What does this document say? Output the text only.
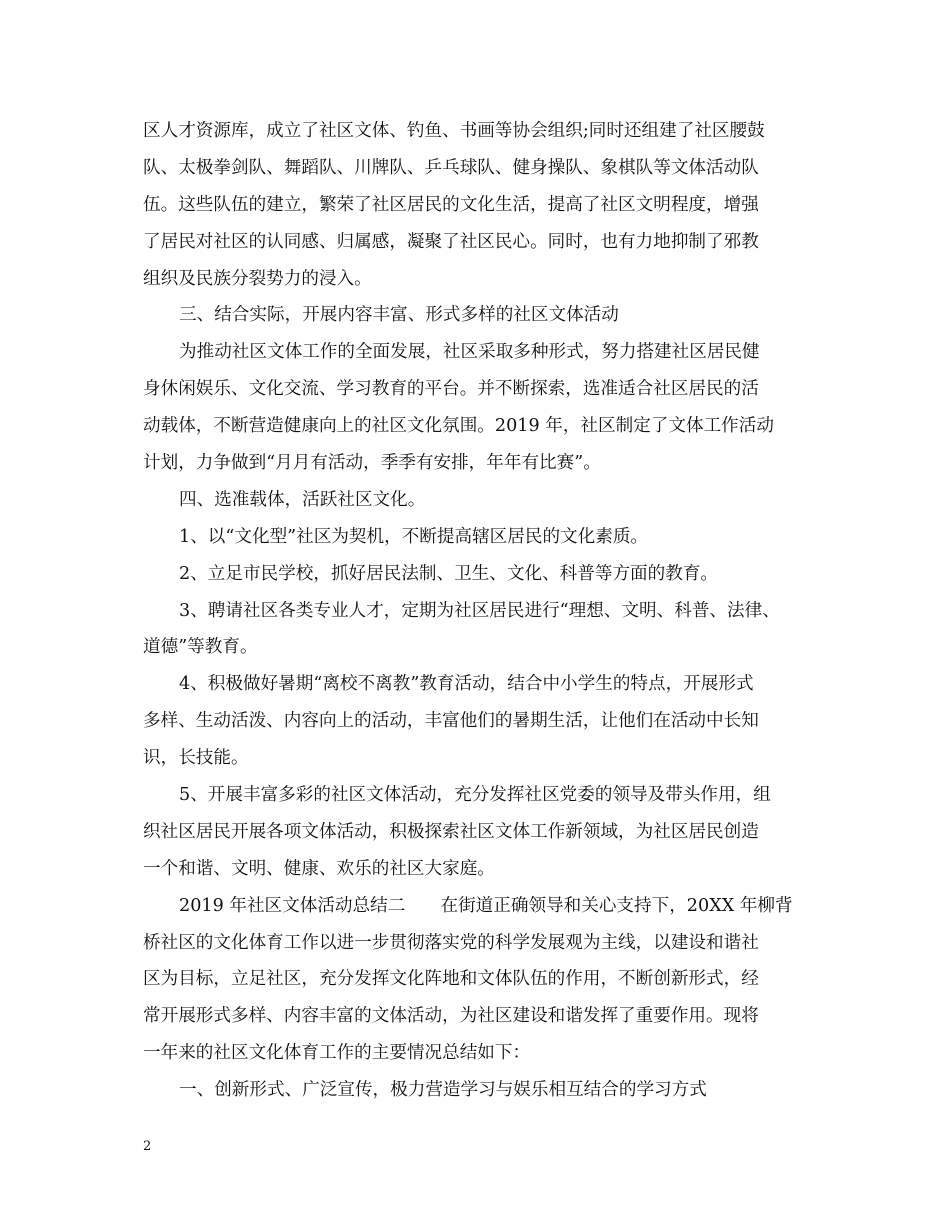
区人才资源库，成立了社区文体、钓鱼、书画等协会组织;同时还组建了社区腰鼓
队、太极拳剑队、舞蹈队、川牌队、乒乓球队、健身操队、象棋队等文体活动队
伍。这些队伍的建立，繁荣了社区居民的文化生活，提高了社区文明程度，增强
了居民对社区的认同感、归属感，凝聚了社区民心。同时，也有力地抑制了邪教
组织及民族分裂势力的浸入。
三、结合实际，开展内容丰富、形式多样的社区文体活动
为推动社区文体工作的全面发展，社区采取多种形式，努力搭建社区居民健
身休闲娱乐、文化交流、学习教育的平台。并不断探索，选准适合社区居民的活
动载体，不断营造健康向上的社区文化氛围。2019 年，社区制定了文体工作活动
计划，力争做到“月月有活动，季季有安排，年年有比赛”。
四、选准载体，活跃社区文化。
1、以“文化型”社区为契机，不断提高辖区居民的文化素质。
2、立足市民学校，抓好居民法制、卫生、文化、科普等方面的教育。
3、聘请社区各类专业人才，定期为社区居民进行“理想、文明、科普、法律、
道德”等教育。
4、积极做好暑期“离校不离教”教育活动，结合中小学生的特点，开展形式
多样、生动活泼、内容向上的活动，丰富他们的暑期生活，让他们在活动中长知
识，长技能。
5、开展丰富多彩的社区文体活动，充分发挥社区党委的领导及带头作用，组
织社区居民开展各项文体活动，积极探索社区文体工作新领域，为社区居民创造
一个和谐、文明、健康、欢乐的社区大家庭。
2019 年社区文体活动总结二　　在街道正确领导和关心支持下，20XX 年柳背
桥社区的文化体育工作以进一步贯彻落实党的科学发展观为主线，以建设和谐社
区为目标，立足社区，充分发挥文化阵地和文体队伍的作用，不断创新形式，经
常开展形式多样、内容丰富的文体活动，为社区建设和谐发挥了重要作用。现将
一年来的社区文化体育工作的主要情况总结如下：
一、创新形式、广泛宣传，极力营造学习与娱乐相互结合的学习方式
2
